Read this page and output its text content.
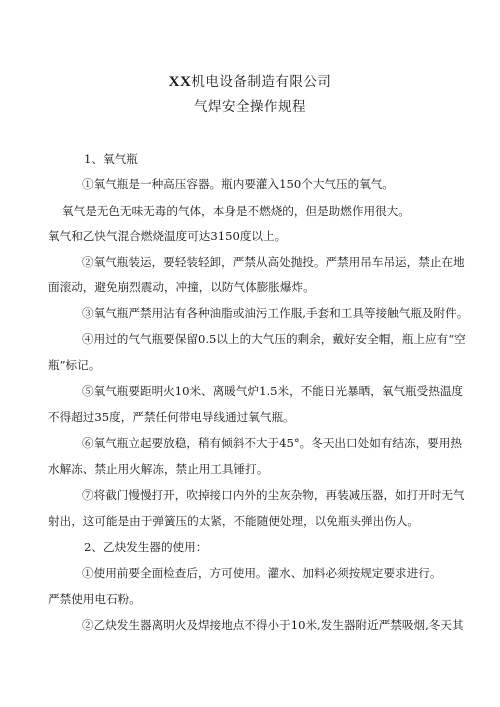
XX机电设备制造有限公司
气焊安全操作规程
1、氧气瓶
①氧气瓶是一种高压容器。瓶内要灌入150个大气压的氧气。
氧气是无色无味无毒的气体，本身是不燃烧的，但是助燃作用很大。
氧气和乙快气混合燃烧温度可达3150度以上。
②氧气瓶装运，要轻装轻卸，严禁从高处抛投。严禁用吊车吊运，禁止在地
面滚动，避免崩烈震动，冲撞，以防气体膨胀爆炸。
③氧气瓶严禁用沾有各种油脂或油污工作服,手套和工具等接触气瓶及附件。
④用过的气气瓶要保留0.5以上的大气压的剩余，戴好安全帽，瓶上应有“空
瓶”标记。
⑤氧气瓶要距明火10米、离暖气炉1.5米，不能日光暴晒，氧气瓶受热温度
不得超过35度，严禁任何带电导线通过氧气瓶。
⑥氧气瓶立起要放稳，稍有倾斜不大于45°。冬天出口处如有结冻，要用热
水解冻、禁止用火解冻，禁止用工具锤打。
⑦将截门慢慢打开，吹掉接口内外的尘灰杂物，再装减压器，如打开时无气
射出，这可能是由于弹簧压的太紧，不能随便处理，以免瓶头弹出伤人。
2、乙炔发生器的使用：
①使用前要全面检查后，方可使用。灌水、加料必须按规定要求进行。
严禁使用电石粉。
②乙炔发生器离明火及焊接地点不得小于10米,发生器附近严禁吸烟,冬天其
